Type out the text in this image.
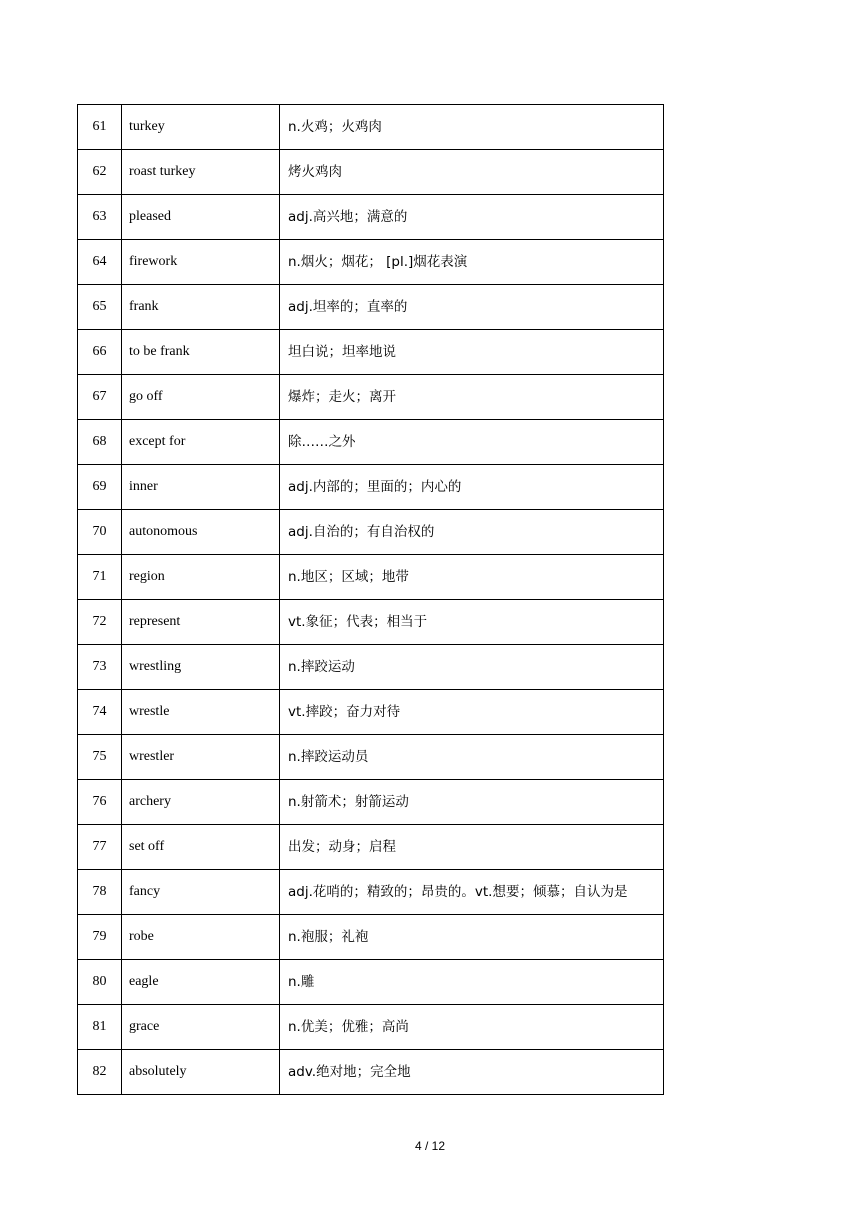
61	turkey	n.火鸡；火鸡肉
62	roast turkey	烤火鸡肉
63	pleased	adj.高兴地；满意的
64	firework	n.烟火；烟花； [pl.]烟花表演
65	frank	adj.坦率的；直率的
66	to be frank	坦白说；坦率地说
67	go off	爆炸；走火；离开
68	except for	除……之外
69	inner	adj.内部的；里面的；内心的
70	autonomous	adj.自治的；有自治权的
71	region	n.地区；区域；地带
72	represent	vt.象征；代表；相当于
73	wrestling	n.摔跤运动
74	wrestle	vt.摔跤；奋力对待
75	wrestler	n.摔跤运动员
76	archery	n.射箭术；射箭运动
77	set off	出发；动身；启程
78	fancy	adj.花哨的；精致的；昂贵的。vt.想要；倾慕；自认为是
79	robe	n.袍服；礼袍
80	eagle	n.雕
81	grace	n.优美；优雅；高尚
82	absolutely	adv.绝对地；完全地
4 / 12
